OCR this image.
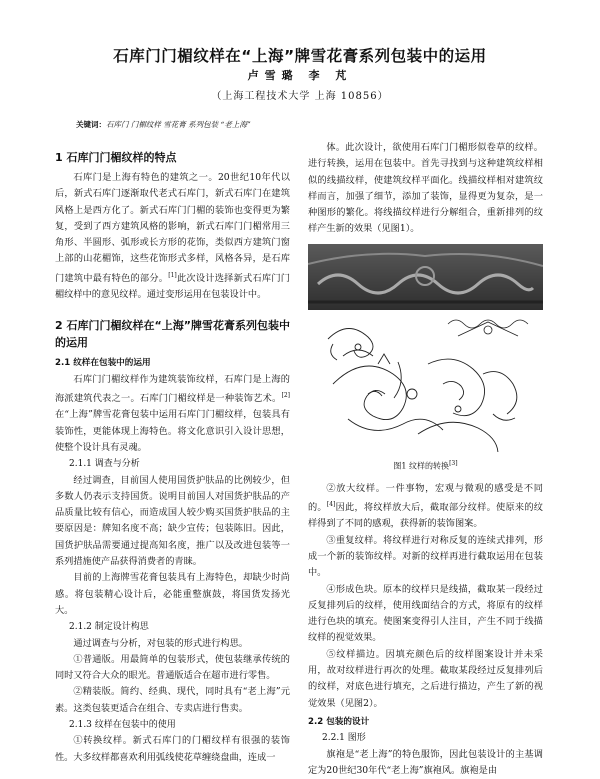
石库门门楣纹样在“上海”牌雪花膏系列包装中的运用
卢雪璐 李 芃
（上海工程技术大学 上海 10856）
关键词：石库门 门楣纹样 雪花膏 系列包装 “老上海”
1 石库门门楣纹样的特点

石库门是上海有特色的建筑之一。20世纪10年代以后，新式石库门逐渐取代老式石库门，新式石库门在建筑风格上是西方化了。新式石库门门楣的装饰也变得更为繁复，受到了西方建筑风格的影响，新式石库门门楣常用三角形、半圆形、弧形或长方形的花饰，类似西方建筑门窗上部的山花楣饰，这些花饰形式多样，风格各异，是石库门建筑中最有特色的部分。[1]此次设计选择新式石库门门楣纹样中的意见纹样。通过变形运用在包装设计中。

2 石库门门楣纹样在“上海”牌雪花膏系列包装中的运用
2.1 纹样在包装中的运用

石库门门楣纹样作为建筑装饰纹样，石库门是上海的海派建筑代表之一。石库门门楣纹样是一种装饰艺术。[2]在“上海”牌雪花膏包装中运用石库门门楣纹样，包装具有装饰性，更能体现上海特色。将文化意识引入设计思想，使整个设计具有灵魂。

2.1.1 调查与分析

经过调查，目前国人使用国货护肤品的比例较少，但多数人仍表示支持国货。说明目前国人对国货护肤品的产品质量比较有信心，而造成国人较少购买国货护肤品的主要原因是：牌知名度不高；缺少宣传；包装陈旧。因此，国货护肤品需要通过提高知名度，推广以及改进包装等一系列措施使产品获得消费者的青睐。

目前的上海牌雪花膏包装具有上海特色，却缺少时尚感。将包装精心设计后，必能重整旗鼓，将国货发扬光大。

2.1.2 制定设计构思

通过调查与分析，对包装的形式进行构思。

①普通版。用最简单的包装形式，使包装继承传统的同时又符合大众的眼光。普通版适合在超市进行零售。

②精装版。简约、经典、现代，同时具有“老上海”元素。这类包装更适合在组合、专卖店进行售卖。

2.1.3 纹样在包装中的使用

①转换纹样。新式石库门的门楣纹样有很强的装饰性。大多纹样都喜欢利用弧线使花草缠绕盘曲，连成一

体。此次设计，欲使用石库门门楣形似卷草的纹样。进行转换，运用在包装中。首先寻找到与这种建筑纹样相似的线描纹样，使建筑纹样平面化。线描纹样相对建筑纹样而言，加强了细节，添加了装饰，显得更为复杂，是一种图形的繁化。将线描纹样进行分解组合，重新排列的纹样产生新的效果（见图1）。

图1 纹样的转换[3]

②放大纹样。一件事物，宏观与微观的感受是不同的。[4]因此，将纹样放大后，截取部分纹样。使原来的纹样得到了不同的感观，获得新的装饰图案。

③重复纹样。将纹样进行对称反复的连续式排列，形成一个新的装饰纹样。对新的纹样再进行截取运用在包装中。

④形成色块。原本的纹样只是线描，截取某一段经过反复排列后的纹样，使用线面结合的方式，将原有的纹样进行色块的填充。使图案变得引人注目，产生不同于线描纹样的视觉效果。

⑤纹样描边。因填充颜色后的纹样图案设计并未采用，故对纹样进行再次的处理。截取某段经过反复排列后的纹样，对底色进行填充，之后进行描边，产生了新的视觉效果（见图2）。

2.2 包装的设计
2.2.1 图形

旗袍是“老上海”的特色服饰，因此包装设计的主基调定为20世纪30年代“老上海”旗袍风。旗袍是由
